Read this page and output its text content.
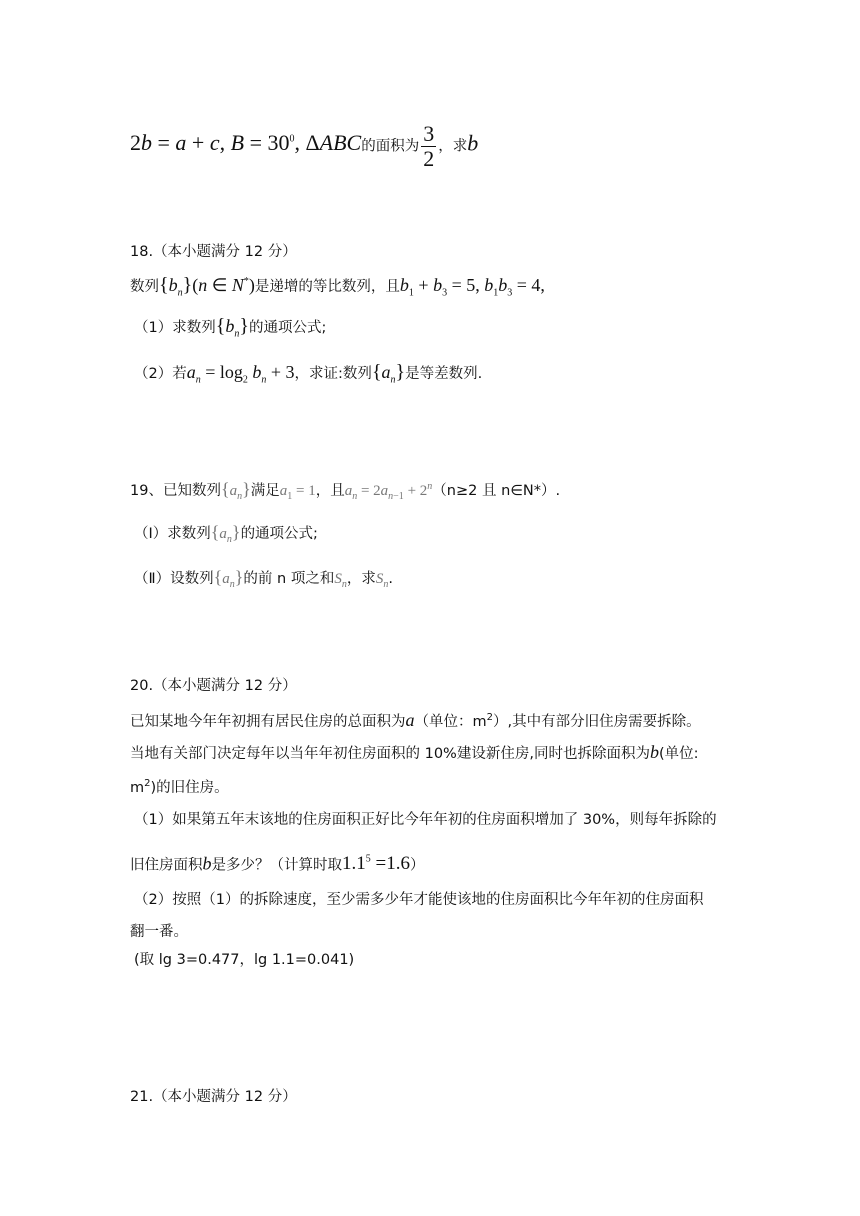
2b = a + c, $B = 30^0$, ΔABC的面积为 $\frac{3}{2}$ ，求b
18.（本小题满分 12 分）
数列$\{b_n\}(n$ ∈ N*)是递增的等比数列，且$b_1 + b_3 = 5$, $b_1b_3 = 4$,
（1）求数列$\{b_n\}$的通项公式;
（2）若$a_n = \log_2 b_n + 3$，求证:数列$\{a_n\}$是等差数列.
19、已知数列$\{a_n\}$满足$a_1 = 1$，且$a_n = 2a_{n-1} + 2^n(n\ge 2$ 且 n∈N*）.
（Ⅰ）求数列$\{a_n\}$的通项公式;
（Ⅱ）设数列$\{a_n\}$的前 n 项之和$S_n$，求$S_n$.
20.（本小题满分 12 分）
已知某地今年年初拥有居民住房的总面积为a（单位：$m^2$）,其中有部分旧住房需要拆除。
当地有关部门决定每年以当年年初住房面积的 10%建设新住房,同时也拆除面积为b(单位:
$m^2$)的旧住房。
（1）如果第五年末该地的住房面积正好比今年年初的住房面积增加了 30%，则每年拆除的
旧住房面积b是多少？（计算时取$1.1^5 =1.6$）
（2）按照（1）的拆除速度，至少需多少年才能使该地的住房面积比今年年初的住房面积
翻一番。
(取 lg 3=0.477，lg 1.1=0.041)
21.（本小题满分 12 分）
